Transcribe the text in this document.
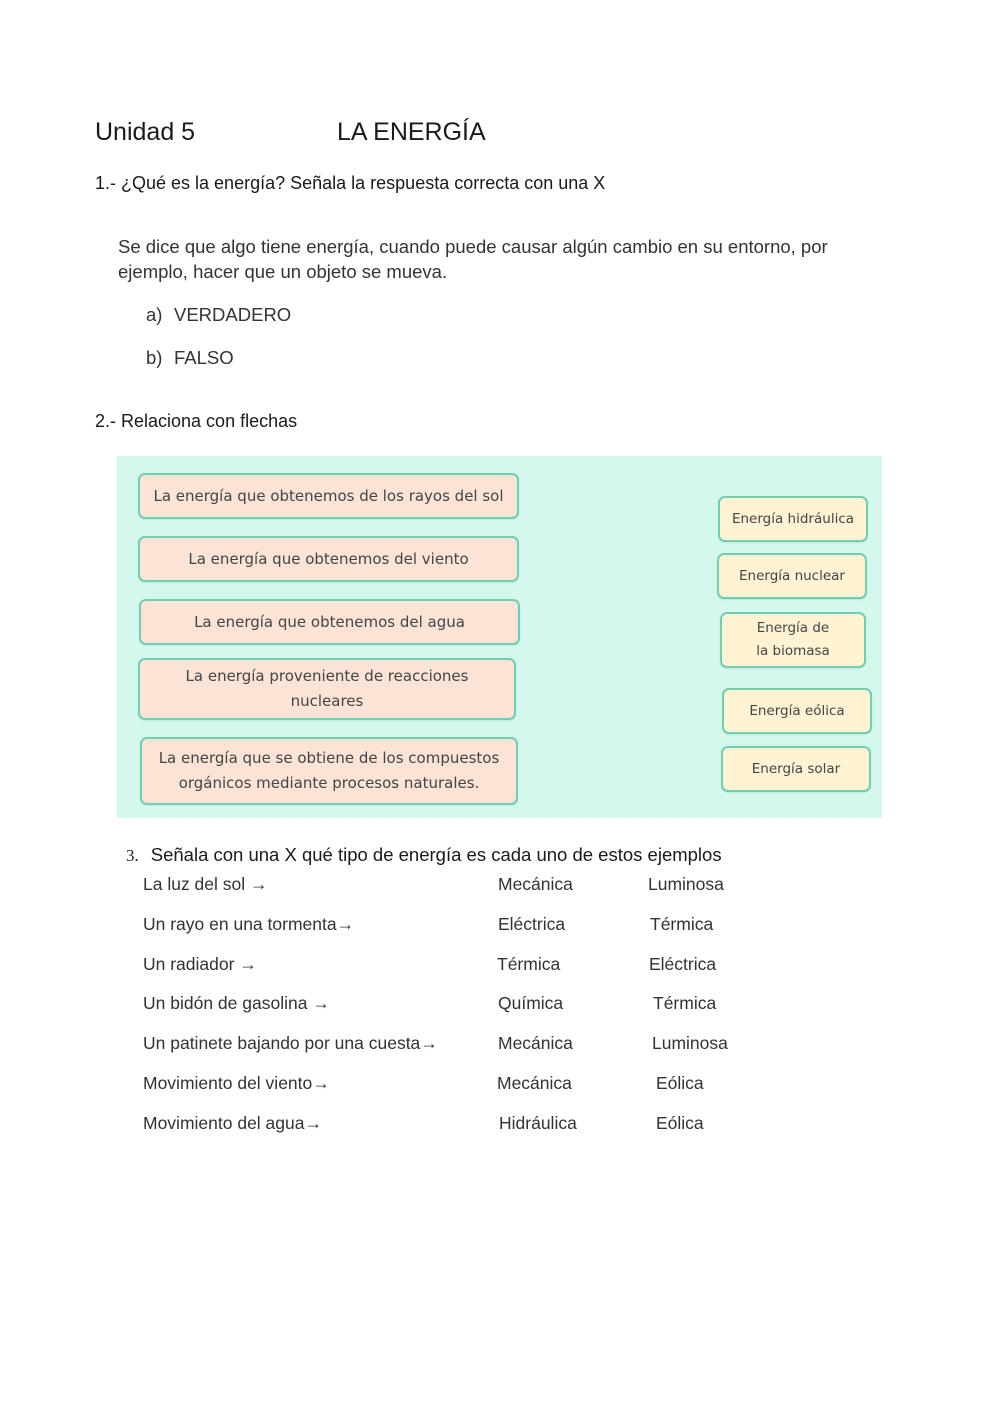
Unidad 5	LA ENERGÍA
1.- ¿Qué es la energía? Señala la respuesta correcta con una X
Se dice que algo tiene energía, cuando puede causar algún cambio en su entorno, por ejemplo, hacer que un objeto se mueva.
a) VERDADERO
b) FALSO
2.- Relaciona con flechas
La energía que obtenemos de los rayos del sol
La energía que obtenemos del viento
La energía que obtenemos del agua
La energía proveniente de reacciones nucleares
La energía que se obtiene de los compuestos orgánicos mediante procesos naturales.
Energía hidráulica
Energía nuclear
Energía de la biomasa
Energía eólica
Energía solar
3. Señala con una X qué tipo de energía es cada uno de estos ejemplos
La luz del sol →	Mecánica	Luminosa
Un rayo en una tormenta→	Eléctrica	Térmica
Un radiador →	Térmica	Eléctrica
Un bidón de gasolina →	Química	Térmica
Un patinete bajando por una cuesta→	Mecánica	Luminosa
Movimiento del viento→	Mecánica	Eólica
Movimiento del agua→	Hidráulica	Eólica
